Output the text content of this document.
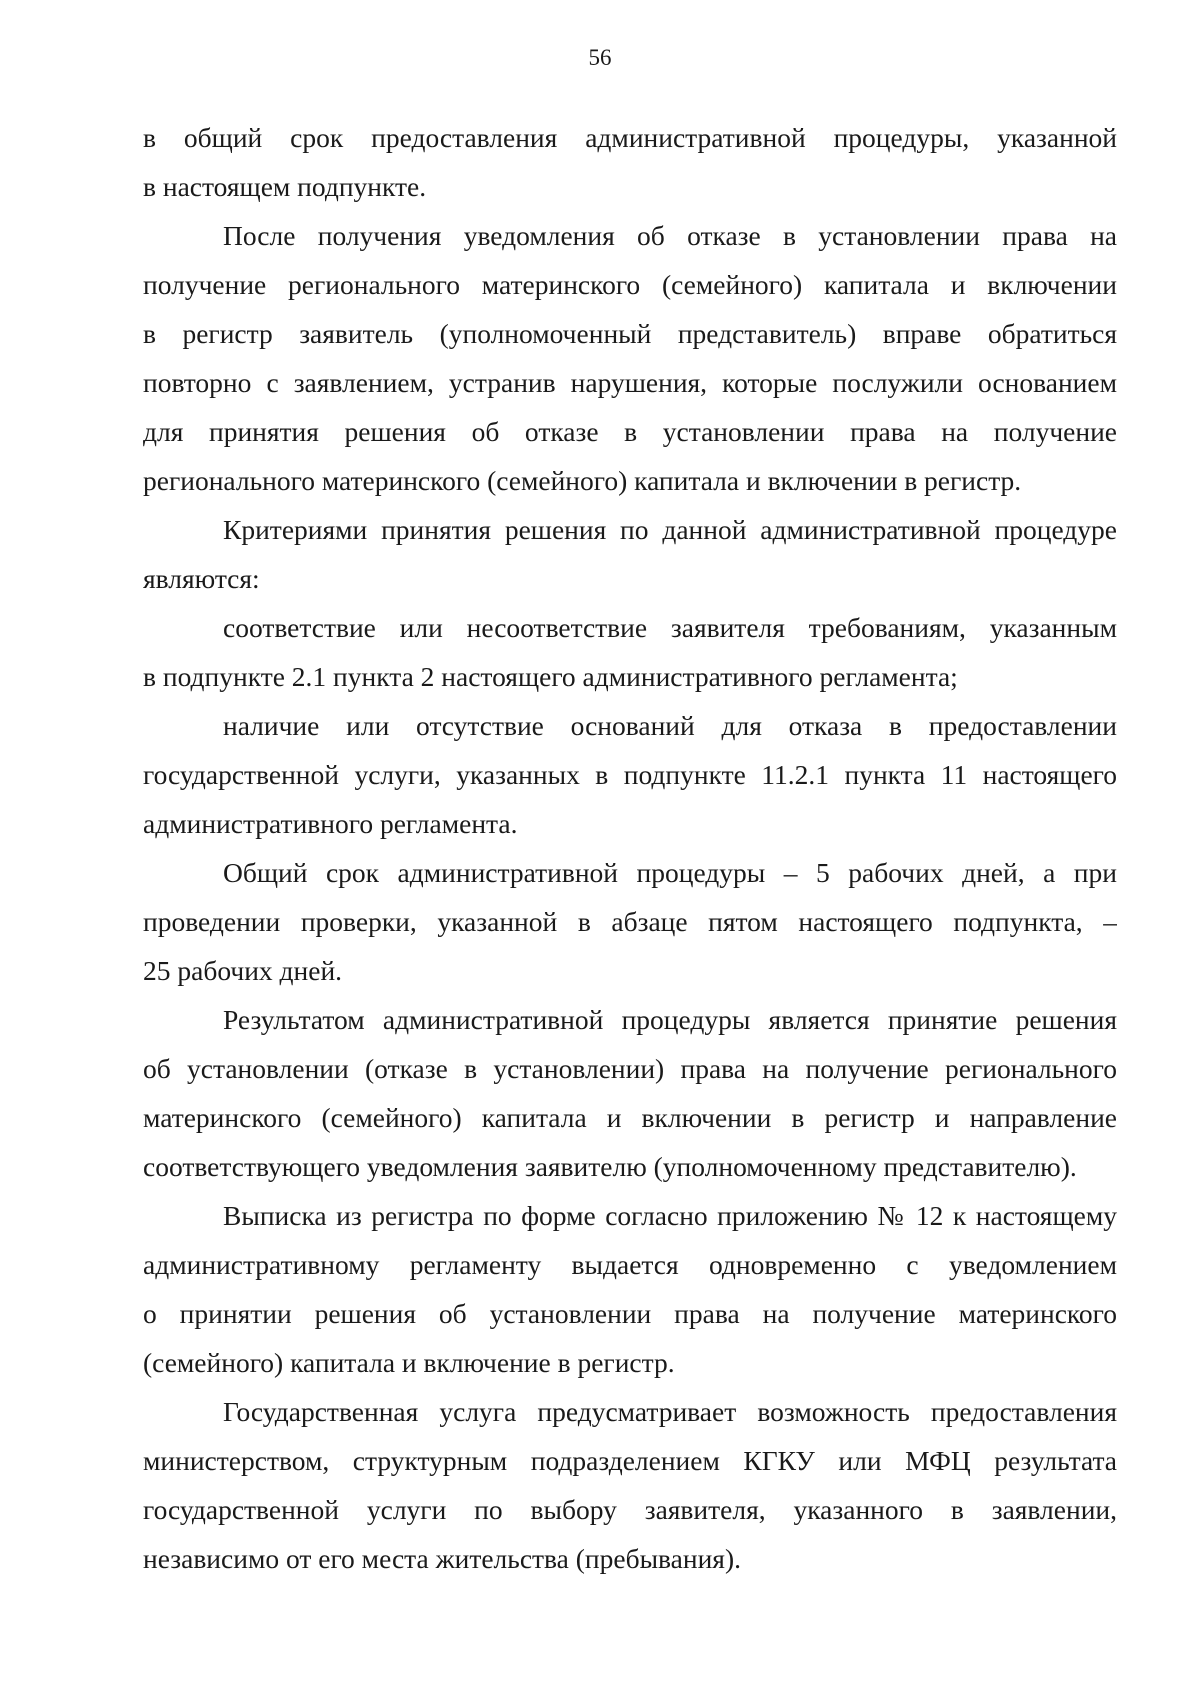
56
в общий срок предоставления административной процедуры, указанной
в настоящем подпункте.
После получения уведомления об отказе в установлении права на
получение регионального материнского (семейного) капитала и включении
в регистр заявитель (уполномоченный представитель) вправе обратиться
повторно с заявлением, устранив нарушения, которые послужили основанием
для принятия решения об отказе в установлении права на получение
регионального материнского (семейного) капитала и включении в регистр.
Критериями принятия решения по данной административной процедуре
являются:
соответствие или несоответствие заявителя требованиям, указанным
в подпункте 2.1 пункта 2 настоящего административного регламента;
наличие или отсутствие оснований для отказа в предоставлении
государственной услуги, указанных в подпункте 11.2.1 пункта 11 настоящего
административного регламента.
Общий срок административной процедуры – 5 рабочих дней, а при
проведении проверки, указанной в абзаце пятом настоящего подпункта, –
25 рабочих дней.
Результатом административной процедуры является принятие решения
об установлении (отказе в установлении) права на получение регионального
материнского (семейного) капитала и включении в регистр и направление
соответствующего уведомления заявителю (уполномоченному представителю).
Выписка из регистра по форме согласно приложению № 12 к настоящему
административному регламенту выдается одновременно с уведомлением
о принятии решения об установлении права на получение материнского
(семейного) капитала и включение в регистр.
Государственная услуга предусматривает возможность предоставления
министерством, структурным подразделением КГКУ или МФЦ результата
государственной услуги по выбору заявителя, указанного в заявлении,
независимо от его места жительства (пребывания).
